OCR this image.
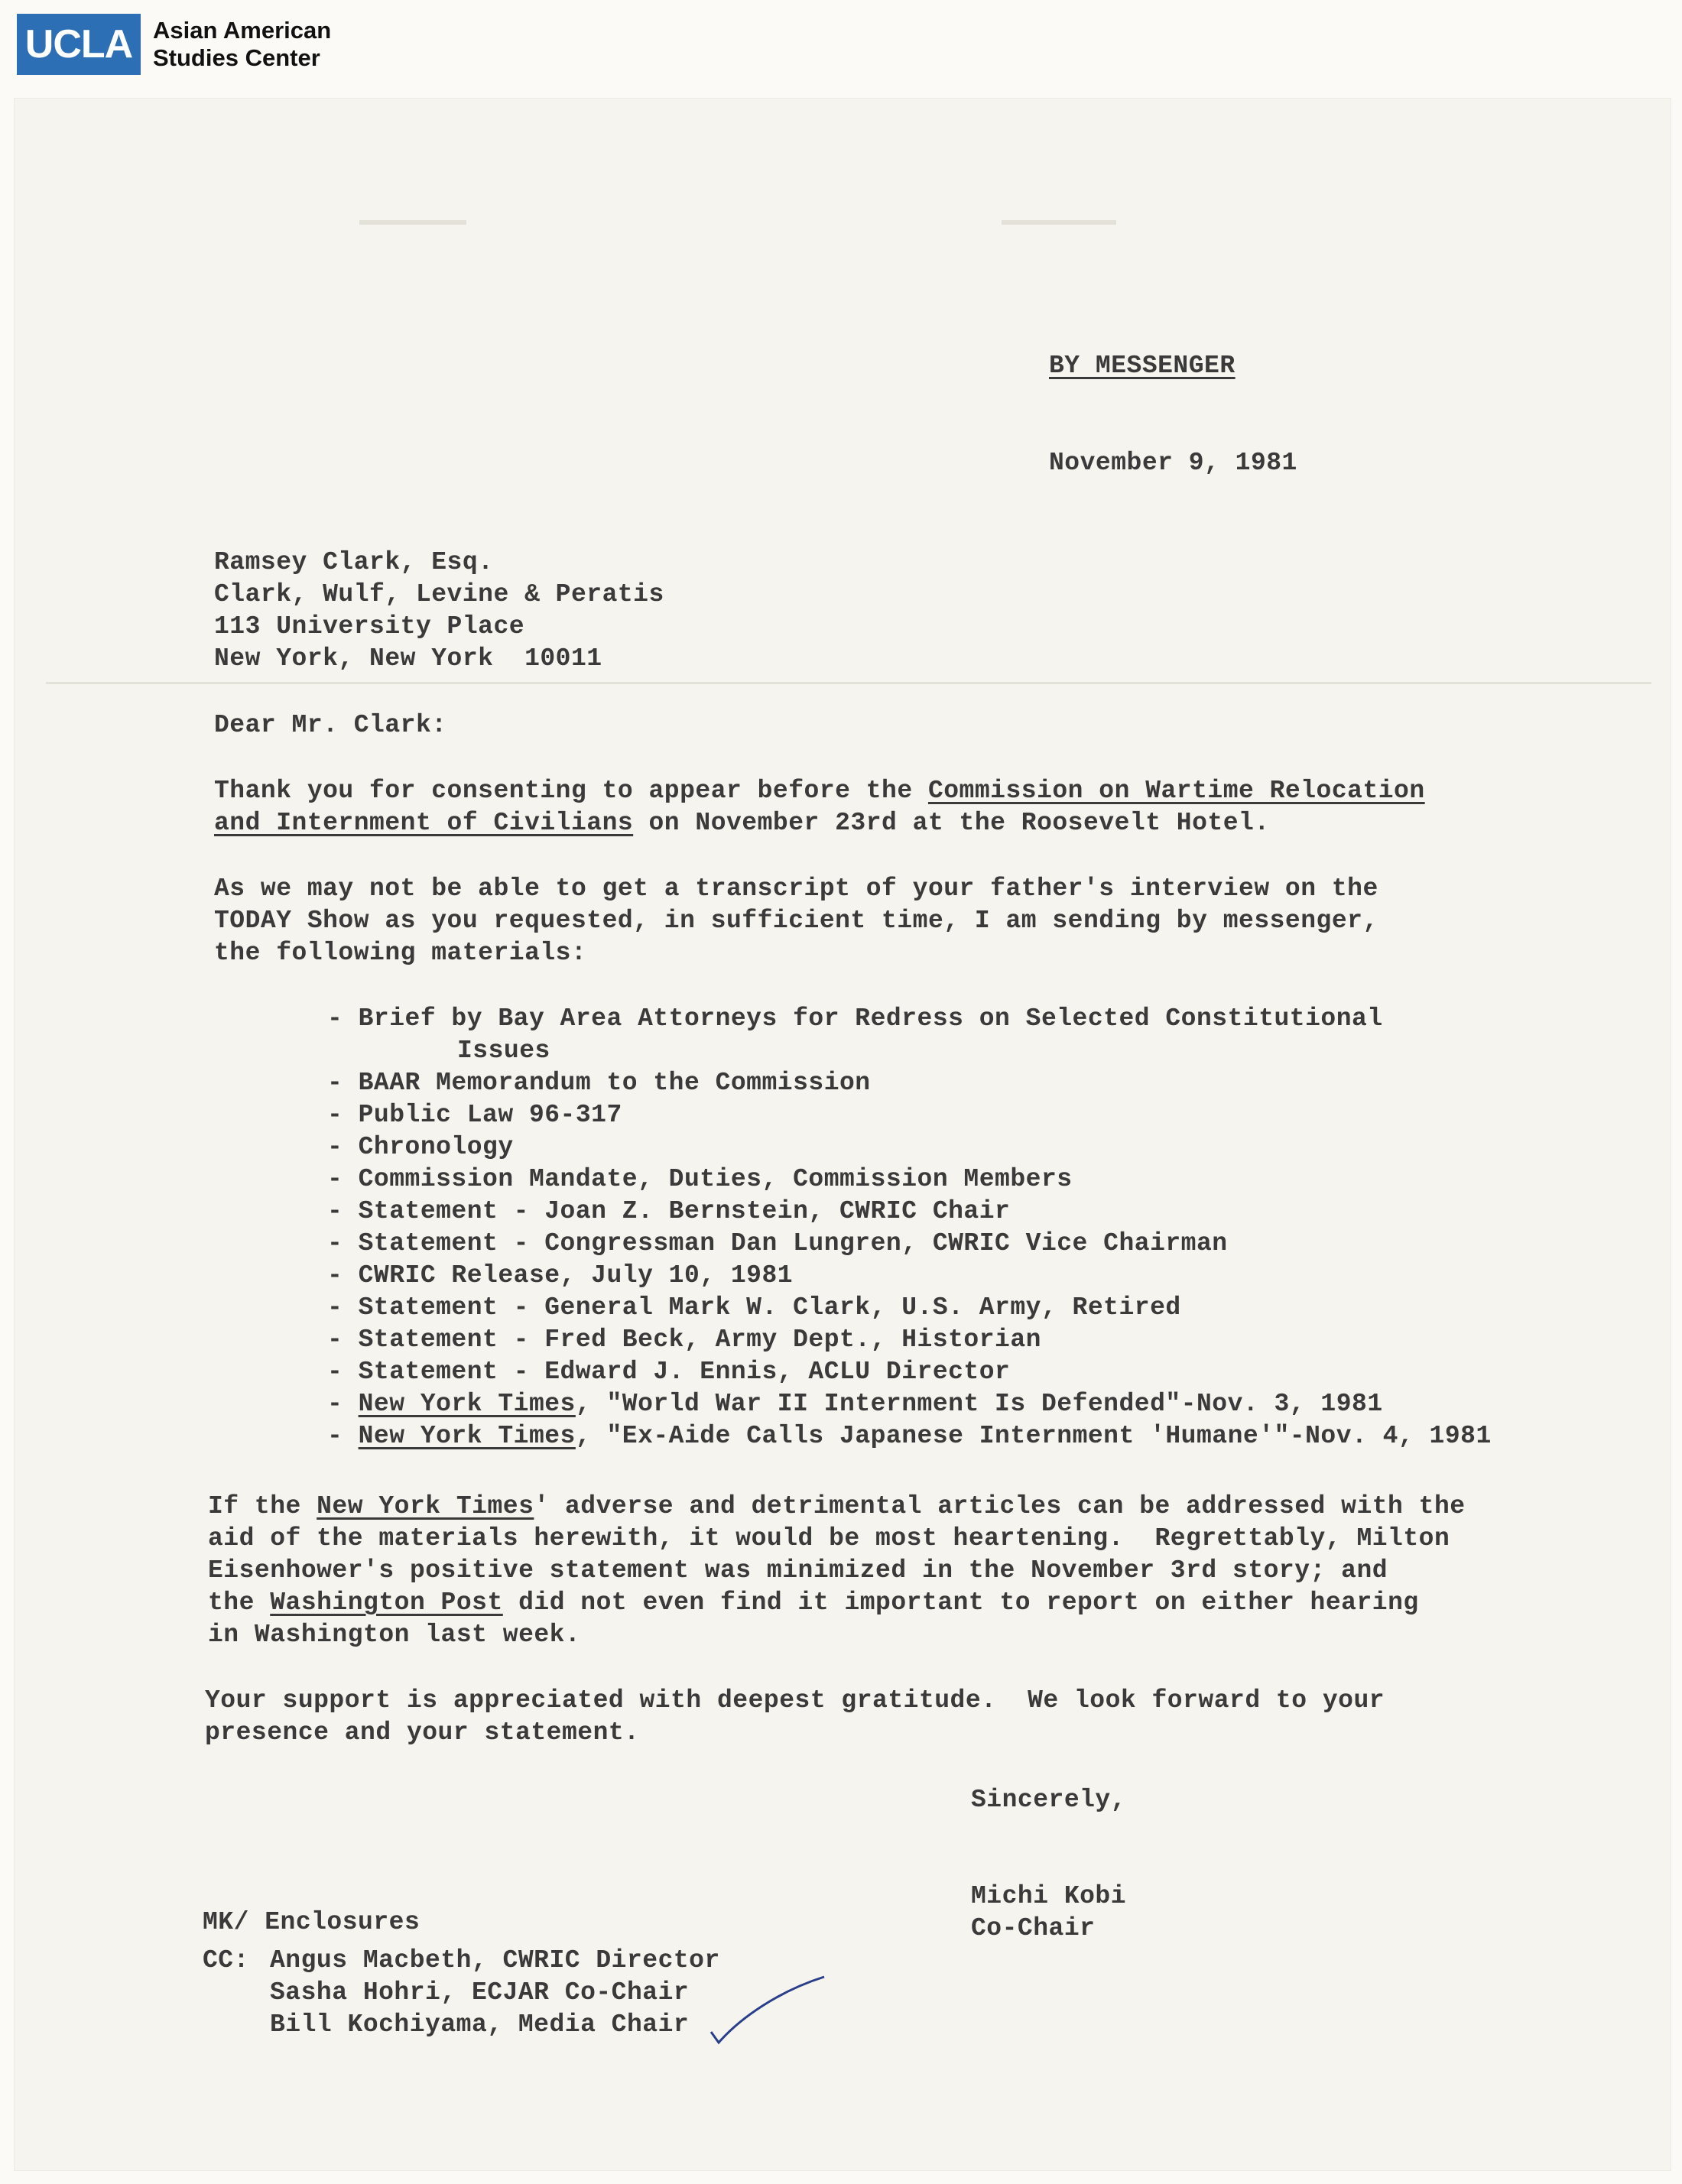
UCLA Asian American
Studies Center
BY MESSENGER
November 9, 1981
Ramsey Clark, Esq.
Clark, Wulf, Levine & Peratis
113 University Place
New York, New York  10011
Dear Mr. Clark:
Thank you for consenting to appear before the Commission on Wartime Relocation
and Internment of Civilians on November 23rd at the Roosevelt Hotel.
As we may not be able to get a transcript of your father's interview on the
TODAY Show as you requested, in sufficient time, I am sending by messenger,
the following materials:
- Brief by Bay Area Attorneys for Redress on Selected Constitutional
Issues
- BAAR Memorandum to the Commission
- Public Law 96-317
- Chronology
- Commission Mandate, Duties, Commission Members
- Statement - Joan Z. Bernstein, CWRIC Chair
- Statement - Congressman Dan Lungren, CWRIC Vice Chairman
- CWRIC Release, July 10, 1981
- Statement - General Mark W. Clark, U.S. Army, Retired
- Statement - Fred Beck, Army Dept., Historian
- Statement - Edward J. Ennis, ACLU Director
- New York Times, "World War II Internment Is Defended"-Nov. 3, 1981
- New York Times, "Ex-Aide Calls Japanese Internment 'Humane'"-Nov. 4, 1981
If the New York Times' adverse and detrimental articles can be addressed with the
aid of the materials herewith, it would be most heartening.  Regrettably, Milton
Eisenhower's positive statement was minimized in the November 3rd story; and
the Washington Post did not even find it important to report on either hearing
in Washington last week.
Your support is appreciated with deepest gratitude.  We look forward to your
presence and your statement.
Sincerely,
Michi Kobi
Co-Chair
MK/ Enclosures
CC: Angus Macbeth, CWRIC Director
Sasha Hohri, ECJAR Co-Chair
Bill Kochiyama, Media Chair
